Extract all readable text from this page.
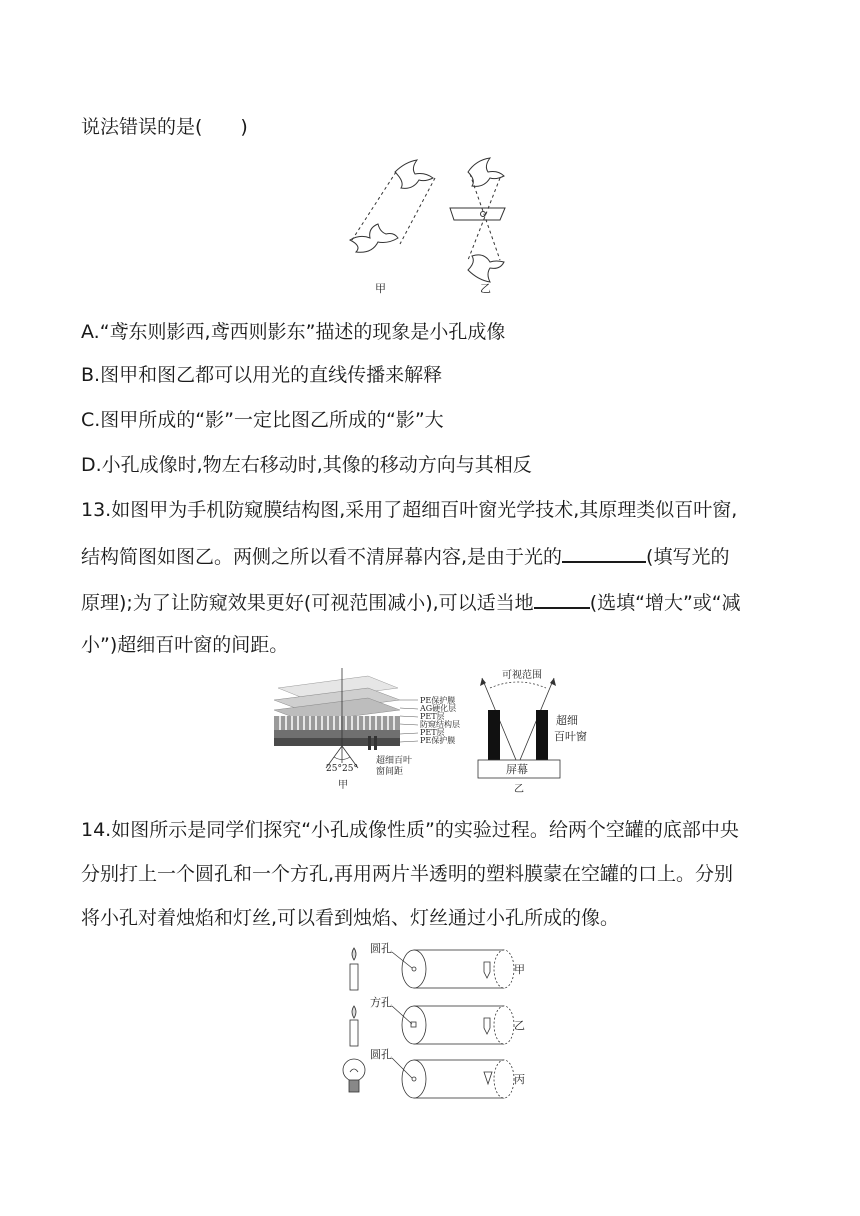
说法错误的是(　　)
甲	乙
A.“鸢东则影西,鸢西则影东”描述的现象是小孔成像
B.图甲和图乙都可以用光的直线传播来解释
C.图甲所成的“影”一定比图乙所成的“影”大
D.小孔成像时,物左右移动时,其像的移动方向与其相反
13.如图甲为手机防窥膜结构图,采用了超细百叶窗光学技术,其原理类似百叶窗,
结构简图如图乙。两侧之所以看不清屏幕内容,是由于光的	(填写光的
原理);为了让防窥效果更好(可视范围减小),可以适当地	(选填“增大”或“减
小”)超细百叶窗的间距。
25° 25°
超细百叶
窗间距
PE保护膜
AG硬化层
PET层
防窥结构层
PET层
PE保护膜
甲
可视范围
超细
百叶窗
屏幕
乙
14.如图所示是同学们探究“小孔成像性质”的实验过程。给两个空罐的底部中央
分别打上一个圆孔和一个方孔,再用两片半透明的塑料膜蒙在空罐的口上。分别
将小孔对着烛焰和灯丝,可以看到烛焰、灯丝通过小孔所成的像。
圆孔
方孔
圆孔
甲
乙
丙
